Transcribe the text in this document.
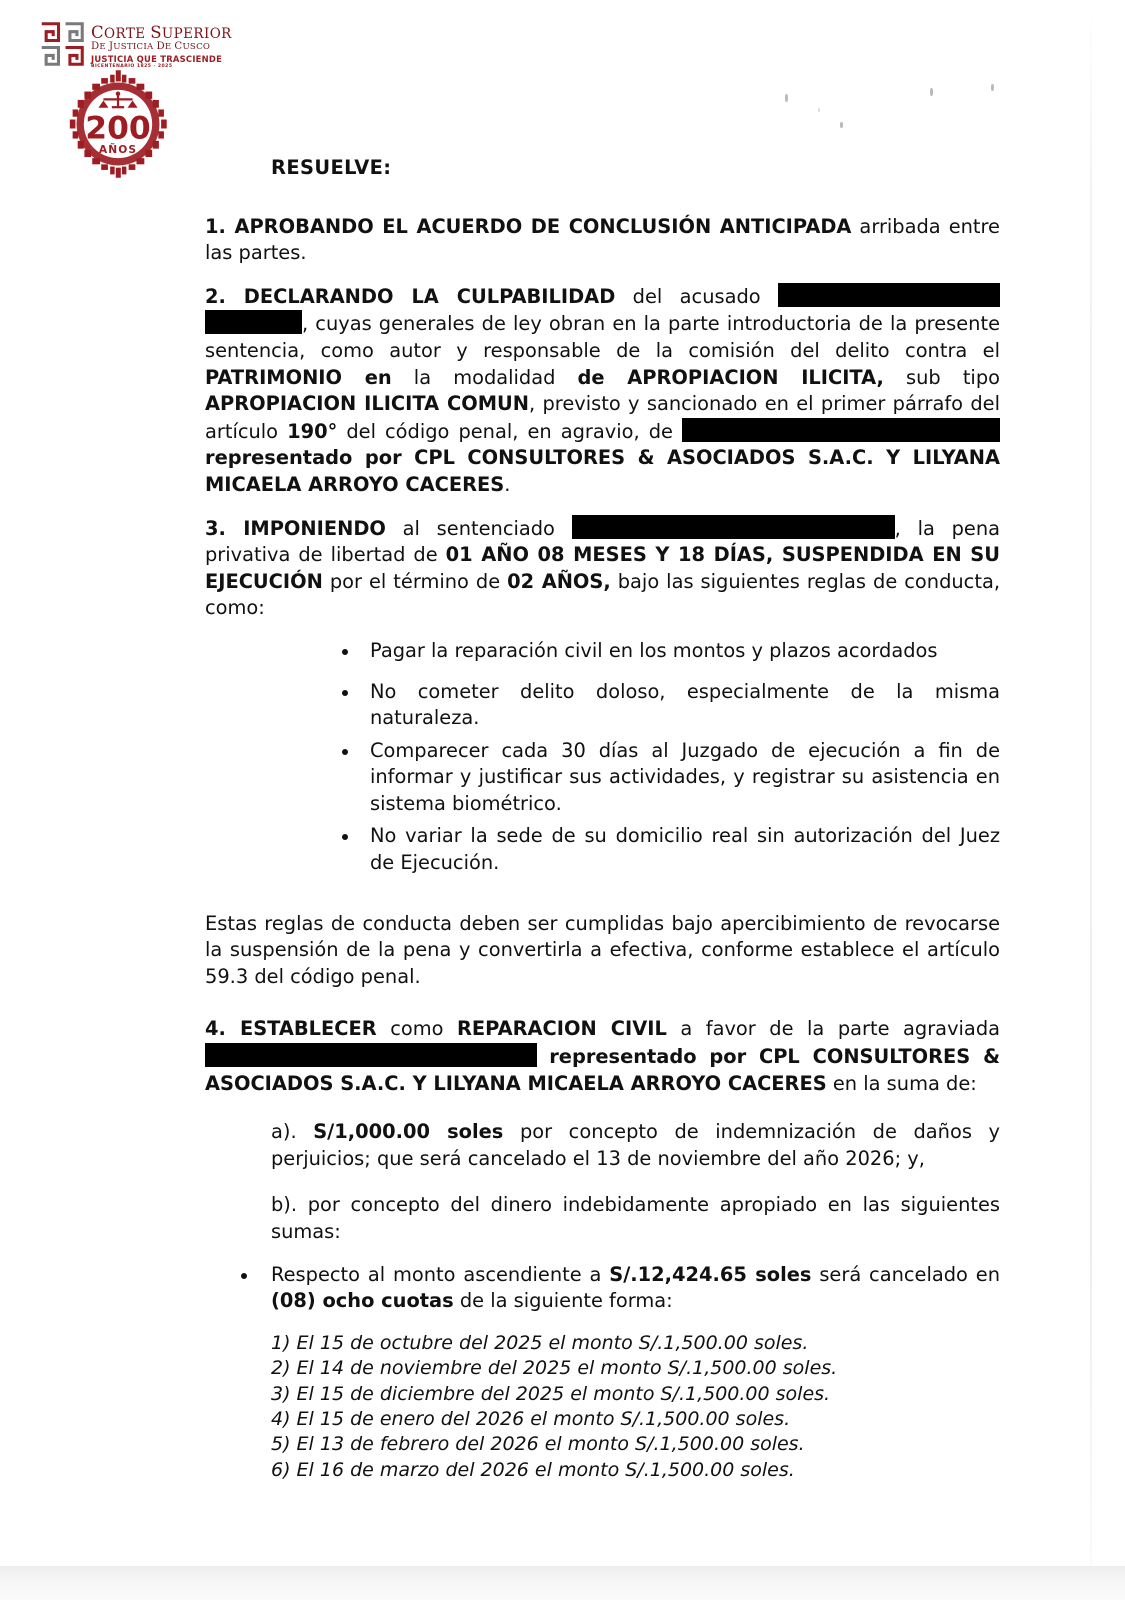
CORTE SUPERIOR
DE JUSTICIA DE CUSCO
JUSTICIA QUE TRASCIENDE
BICENTENARIO 1825 - 2025
200
AÑOS
RESUELVE:

1. APROBANDO EL ACUERDO DE CONCLUSIÓN ANTICIPADA arribada entre las partes.

2. DECLARANDO LA CULPABILIDAD del acusado , cuyas generales de ley obran en la parte introductoria de la presente sentencia, como autor y responsable de la comisión del delito contra el PATRIMONIO en la modalidad de APROPIACION ILICITA, sub tipo APROPIACION ILICITA COMUN, previsto y sancionado en el primer párrafo del artículo 190° del código penal, en agravio, de  representado por CPL CONSULTORES & ASOCIADOS S.A.C. Y LILYANA MICAELA ARROYO CACERES.

3. IMPONIENDO al sentenciado	, la pena privativa de libertad de 01 AÑO 08 MESES Y 18 DÍAS, SUSPENDIDA EN SU EJECUCIÓN por el término de 02 AÑOS, bajo las siguientes reglas de conducta, como:

Pagar la reparación civil en los montos y plazos acordados
No cometer delito doloso, especialmente de la misma naturaleza.
Comparecer cada 30 días al Juzgado de ejecución a fin de informar y justificar sus actividades, y registrar su asistencia en sistema biométrico.
No variar la sede de su domicilio real sin autorización del Juez de Ejecución.

Estas reglas de conducta deben ser cumplidas bajo apercibimiento de revocarse la suspensión de la pena y convertirla a efectiva, conforme establece el artículo 59.3 del código penal.

4. ESTABLECER como REPARACION CIVIL a favor de la parte agraviada  representado por CPL CONSULTORES & ASOCIADOS S.A.C. Y LILYANA MICAELA ARROYO CACERES en la suma de:

a). S/1,000.00 soles por concepto de indemnización de daños y perjuicios; que será cancelado el 13 de noviembre del año 2026; y,

b). por concepto del dinero indebidamente apropiado en las siguientes sumas:

Respecto al monto ascendiente a S/.12,424.65 soles será cancelado en (08) ocho cuotas de la siguiente forma:
1) El 15 de octubre del 2025 el monto S/.1,500.00 soles.
2) El 14 de noviembre del 2025 el monto S/.1,500.00 soles.
3) El 15 de diciembre del 2025 el monto S/.1,500.00 soles.
4) El 15 de enero del 2026 el monto S/.1,500.00 soles.
5) El 13 de febrero del 2026 el monto S/.1,500.00 soles.
6) El 16 de marzo del 2026 el monto S/.1,500.00 soles.
